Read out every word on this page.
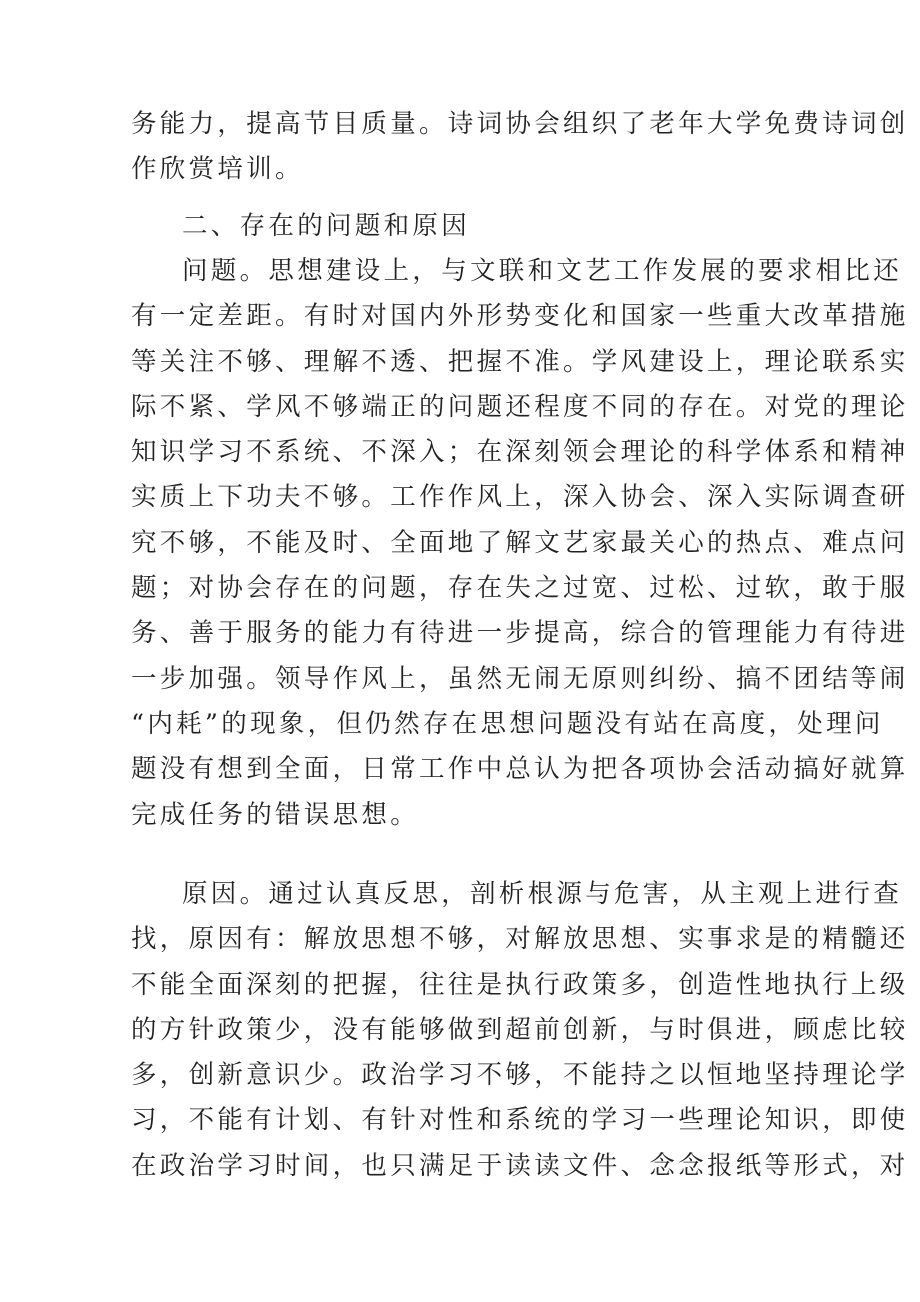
务能力，提高节目质量。诗词协会组织了老年大学免费诗词创
作欣赏培训。
二、存在的问题和原因
问题。思想建设上，与文联和文艺工作发展的要求相比还
有一定差距。有时对国内外形势变化和国家一些重大改革措施
等关注不够、理解不透、把握不准。学风建设上，理论联系实
际不紧、学风不够端正的问题还程度不同的存在。对党的理论
知识学习不系统、不深入；在深刻领会理论的科学体系和精神
实质上下功夫不够。工作作风上，深入协会、深入实际调查研
究不够，不能及时、全面地了解文艺家最关心的热点、难点问
题；对协会存在的问题，存在失之过宽、过松、过软，敢于服
务、善于服务的能力有待进一步提高，综合的管理能力有待进
一步加强。领导作风上，虽然无闹无原则纠纷、搞不团结等闹
“内耗”的现象，但仍然存在思想问题没有站在高度，处理问
题没有想到全面，日常工作中总认为把各项协会活动搞好就算
完成任务的错误思想。
原因。通过认真反思，剖析根源与危害，从主观上进行查
找，原因有：解放思想不够，对解放思想、实事求是的精髓还
不能全面深刻的把握，往往是执行政策多，创造性地执行上级
的方针政策少，没有能够做到超前创新，与时俱进，顾虑比较
多，创新意识少。政治学习不够，不能持之以恒地坚持理论学
习，不能有计划、有针对性和系统的学习一些理论知识，即使
在政治学习时间，也只满足于读读文件、念念报纸等形式，对
